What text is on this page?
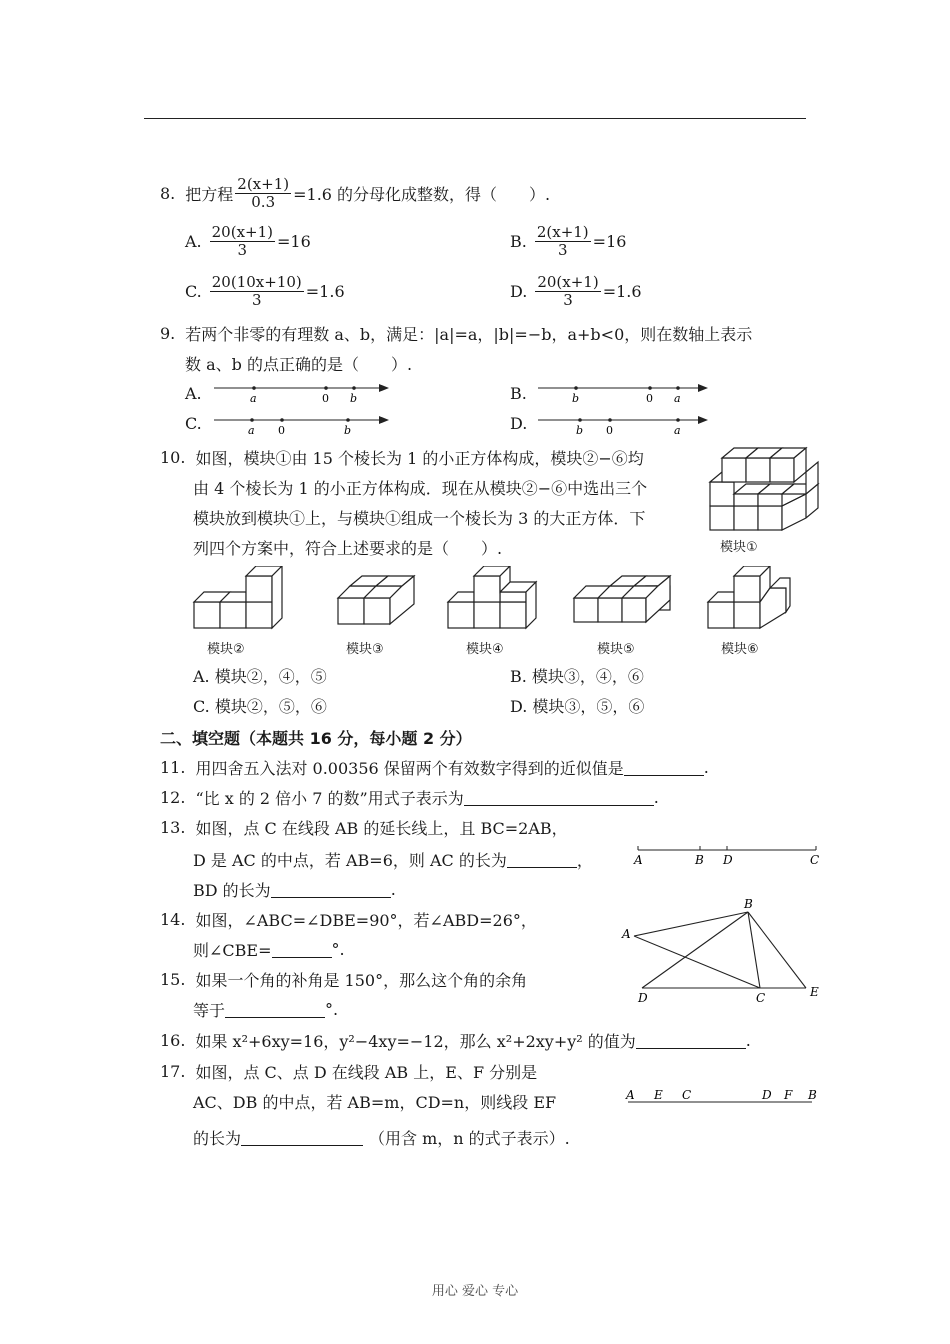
8. 把方程 $\frac{2(x+1)}{0.3} =1.6$ 的分母化成整数，得（　　）.
A. $\frac{20(x+1)}{3} =16$	B. $\frac{2(x+1)}{3} =16$
C. $\frac{20(10x+10)}{3} =1.6$	D. $\frac{20(x+1)}{3} =1.6$
9. 若两个非零的有理数 a、b，满足：|a|=a，|b|=−b，a+b<0，则在数轴上表示
数 a、b 的点正确的是（　　）.
A.	a	0 b	B.	b	0 a
C.	a 0	b	D.	b 0	a
10. 如图，模块①由 15 个棱长为 1 的小正方体构成，模块②−⑥均
由 4 个棱长为 1 的小正方体构成．现在从模块②−⑥中选出三个
模块放到模块①上，与模块①组成一个棱长为 3 的大正方体．下
列四个方案中，符合上述要求的是（　　）.	模块①
模块②	模块③	模块④	模块⑤	模块⑥
A. 模块②，④，⑤	B. 模块③，④，⑥
C. 模块②，⑤，⑥	D. 模块③，⑤，⑥
二、填空题（本题共 16 分，每小题 2 分）
11. 用四舍五入法对 0.00356 保留两个有效数字得到的近似值是	.
12. “比 x 的 2 倍小 7 的数”用式子表示为	.
13. 如图，点 C 在线段 AB 的延长线上，且 BC=2AB，
D 是 AC 的中点，若 AB=6，则 AC 的长为	，
BD 的长为	.
A	B D	C
14. 如图，∠ABC=∠DBE=90°，若∠ABD=26°，
则∠CBE=	°.
B
A
D	C	E
15. 如果一个角的补角是 150°，那么这个角的余角
等于	°.
16. 如果 x²+6xy=16，y²−4xy=−12，那么 x²+2xy+y² 的值为	.
17. 如图，点 C、点 D 在线段 AB 上，E、F 分别是
AC、DB 的中点，若 AB=m，CD=n，则线段 EF
的长为	（用含 m，n 的式子表示）.
A E C	D F B
用心 爱心 专心
